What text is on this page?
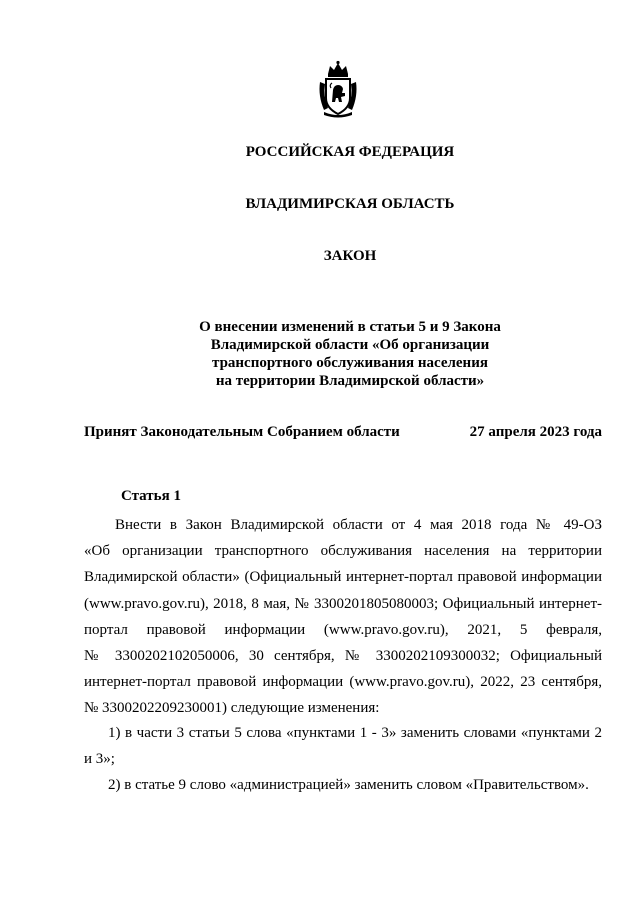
РОССИЙСКАЯ ФЕДЕРАЦИЯ
ВЛАДИМИРСКАЯ ОБЛАСТЬ
ЗАКОН
О внесении изменений в статьи 5 и 9 Закона
Владимирской области «Об организации
транспортного обслуживания населения
на территории Владимирской области»
Принят Законодательным Собранием области	27 апреля 2023 года
Статья 1
Внести в Закон Владимирской области от 4 мая 2018 года № 49-ОЗ
«Об организации транспортного обслуживания населения на территории
Владимирской области» (Официальный интернет-портал правовой информации
(www.pravo.gov.ru), 2018, 8 мая, № 3300201805080003; Официальный интернет-
портал правовой информации (www.pravo.gov.ru), 2021, 5 февраля,
№ 3300202102050006, 30 сентября, № 3300202109300032; Официальный
интернет-портал правовой информации (www.pravo.gov.ru), 2022, 23 сентября,
№ 3300202209230001) следующие изменения:
1) в части 3 статьи 5 слова «пунктами 1 - 3» заменить словами «пунктами 2
и 3»;
2) в статье 9 слово «администрацией» заменить словом «Правительством».
